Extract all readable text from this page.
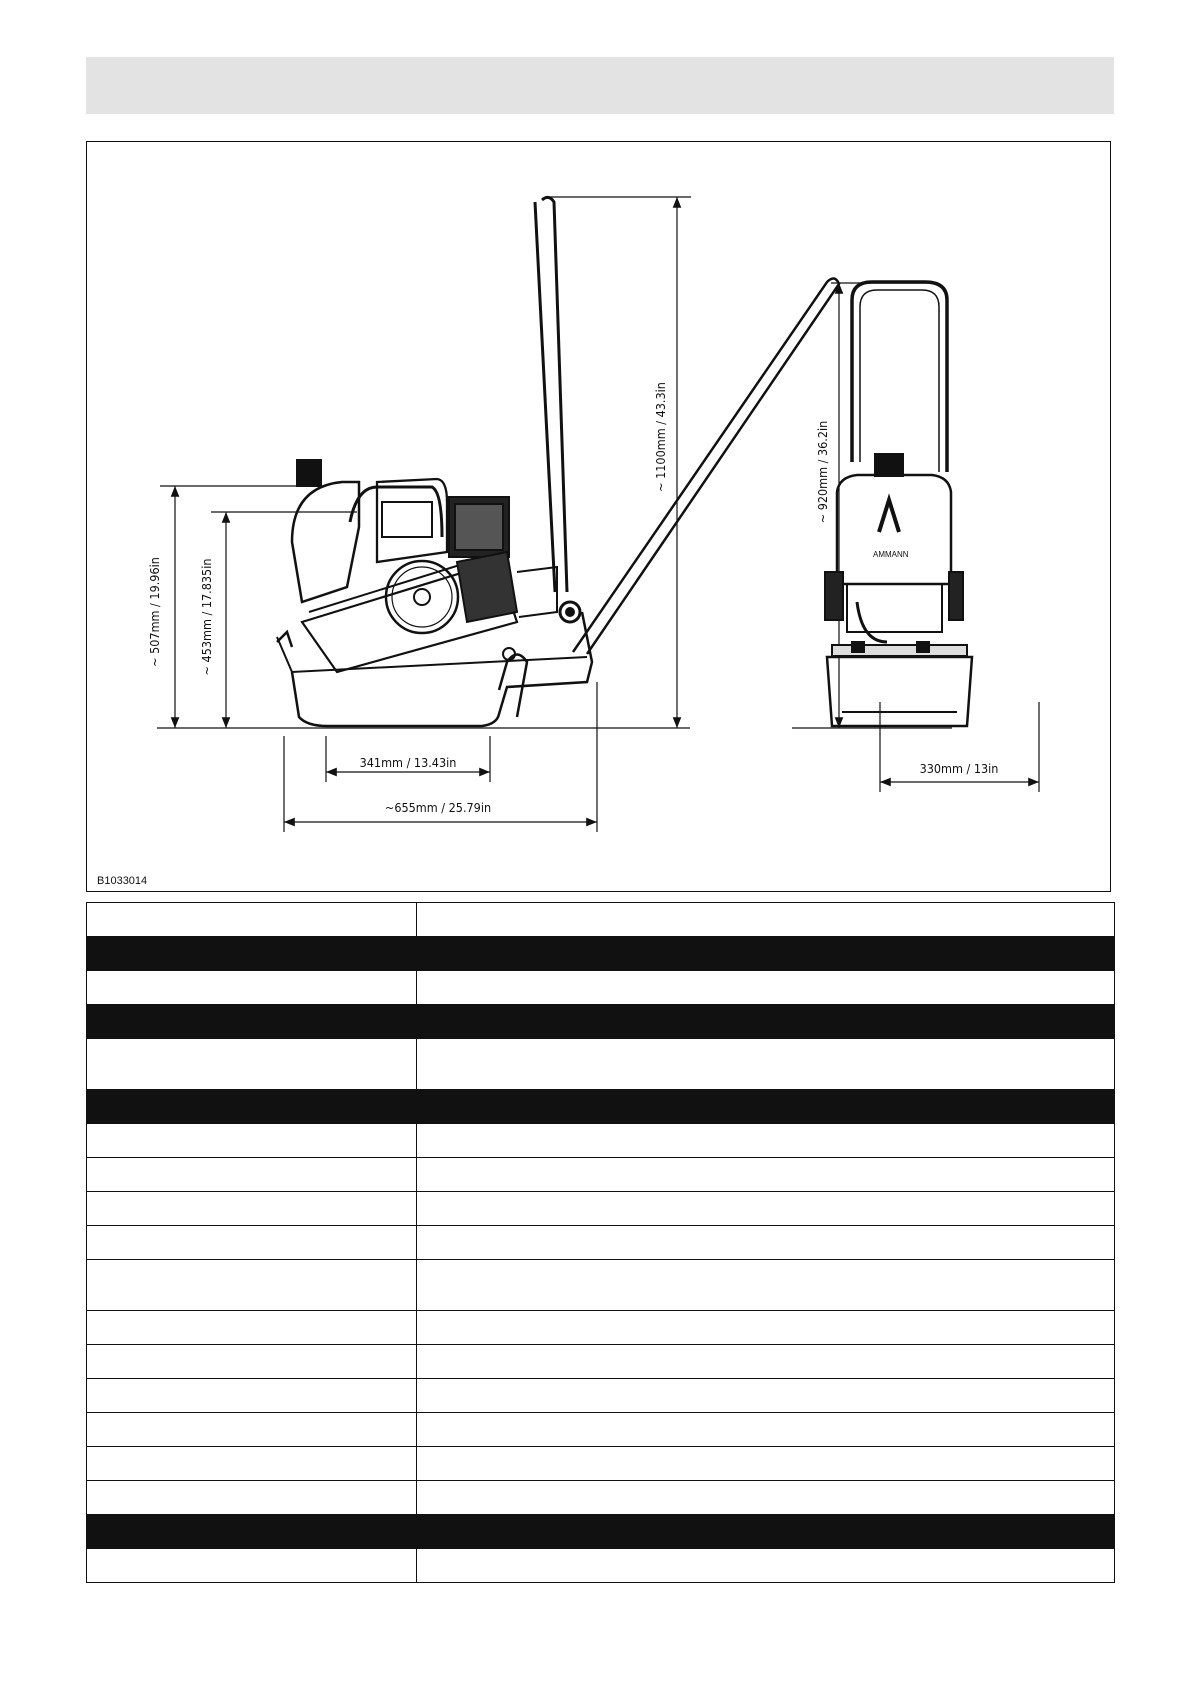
AMMANN
~ 507mm / 19.96in	~ 453mm / 17.835in
~ 1100mm / 43.3in	~ 920mm / 36.2in
341mm / 13.43in
~655mm / 25.79in
330mm / 13in
B1033014
